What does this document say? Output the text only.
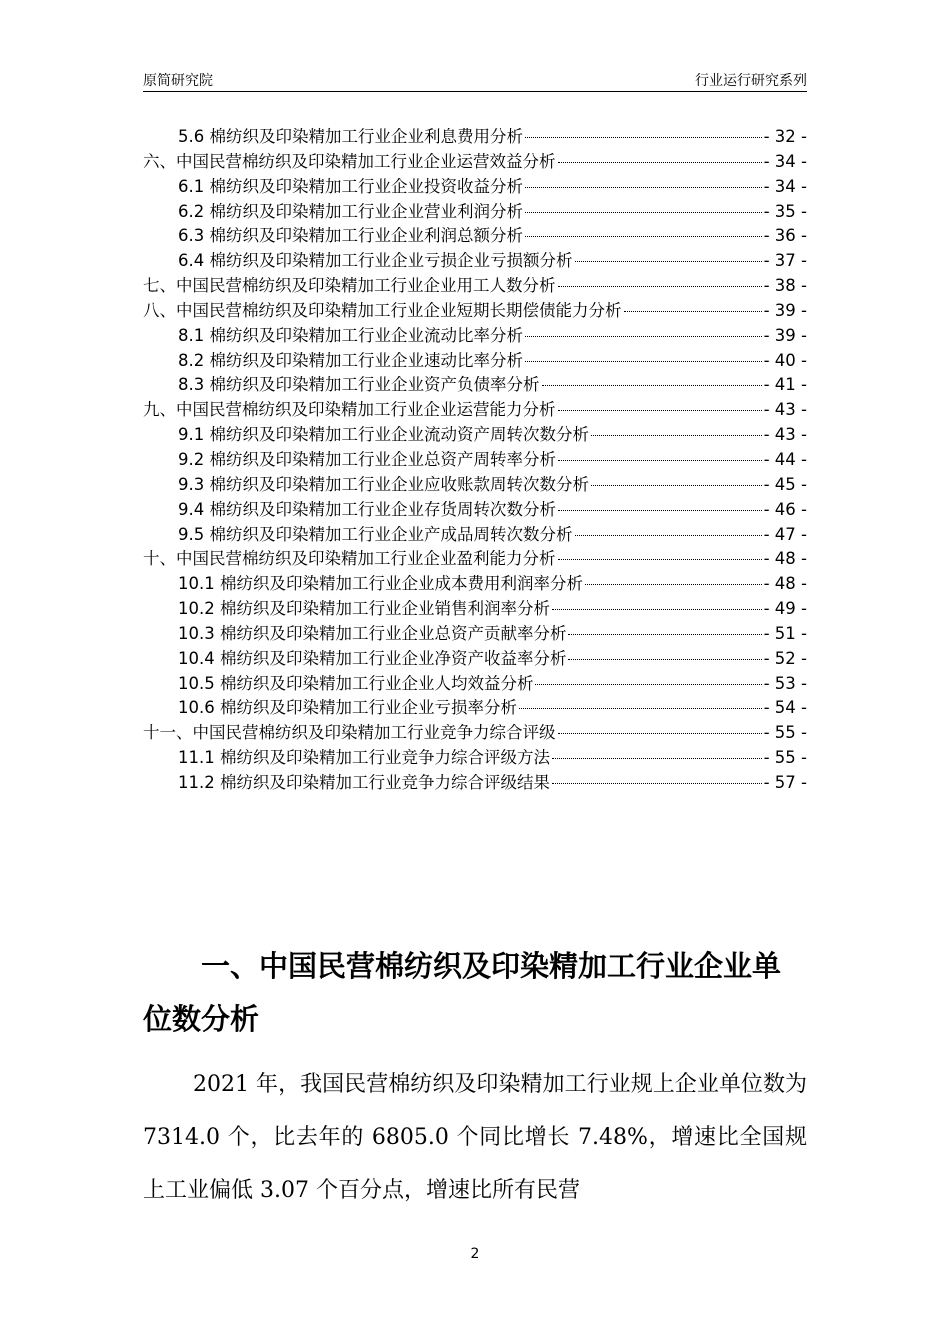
原简研究院	行业运行研究系列
5.6 棉纺织及印染精加工行业企业利息费用分析	- 32 -
六、中国民营棉纺织及印染精加工行业企业运营效益分析	- 34 -
6.1 棉纺织及印染精加工行业企业投资收益分析	- 34 -
6.2 棉纺织及印染精加工行业企业营业利润分析	- 35 -
6.3 棉纺织及印染精加工行业企业利润总额分析	- 36 -
6.4 棉纺织及印染精加工行业企业亏损企业亏损额分析	- 37 -
七、中国民营棉纺织及印染精加工行业企业用工人数分析	- 38 -
八、中国民营棉纺织及印染精加工行业企业短期长期偿债能力分析	- 39 -
8.1 棉纺织及印染精加工行业企业流动比率分析	- 39 -
8.2 棉纺织及印染精加工行业企业速动比率分析	- 40 -
8.3 棉纺织及印染精加工行业企业资产负债率分析	- 41 -
九、中国民营棉纺织及印染精加工行业企业运营能力分析	- 43 -
9.1 棉纺织及印染精加工行业企业流动资产周转次数分析	- 43 -
9.2 棉纺织及印染精加工行业企业总资产周转率分析	- 44 -
9.3 棉纺织及印染精加工行业企业应收账款周转次数分析	- 45 -
9.4 棉纺织及印染精加工行业企业存货周转次数分析	- 46 -
9.5 棉纺织及印染精加工行业企业产成品周转次数分析	- 47 -
十、中国民营棉纺织及印染精加工行业企业盈利能力分析	- 48 -
10.1 棉纺织及印染精加工行业企业成本费用利润率分析	- 48 -
10.2 棉纺织及印染精加工行业企业销售利润率分析	- 49 -
10.3 棉纺织及印染精加工行业企业总资产贡献率分析	- 51 -
10.4 棉纺织及印染精加工行业企业净资产收益率分析	- 52 -
10.5 棉纺织及印染精加工行业企业人均效益分析	- 53 -
10.6 棉纺织及印染精加工行业企业亏损率分析	- 54 -
十一、中国民营棉纺织及印染精加工行业竞争力综合评级	- 55 -
11.1 棉纺织及印染精加工行业竞争力综合评级方法	- 55 -
11.2 棉纺织及印染精加工行业竞争力综合评级结果	- 57 -
一、中国民营棉纺织及印染精加工行业企业单位数分析
2021 年，我国民营棉纺织及印染精加工行业规上企业单位数为 7314.0 个，比去年的 6805.0 个同比增长 7.48%，增速比全国规上工业偏低 3.07 个百分点，增速比所有民营
2
